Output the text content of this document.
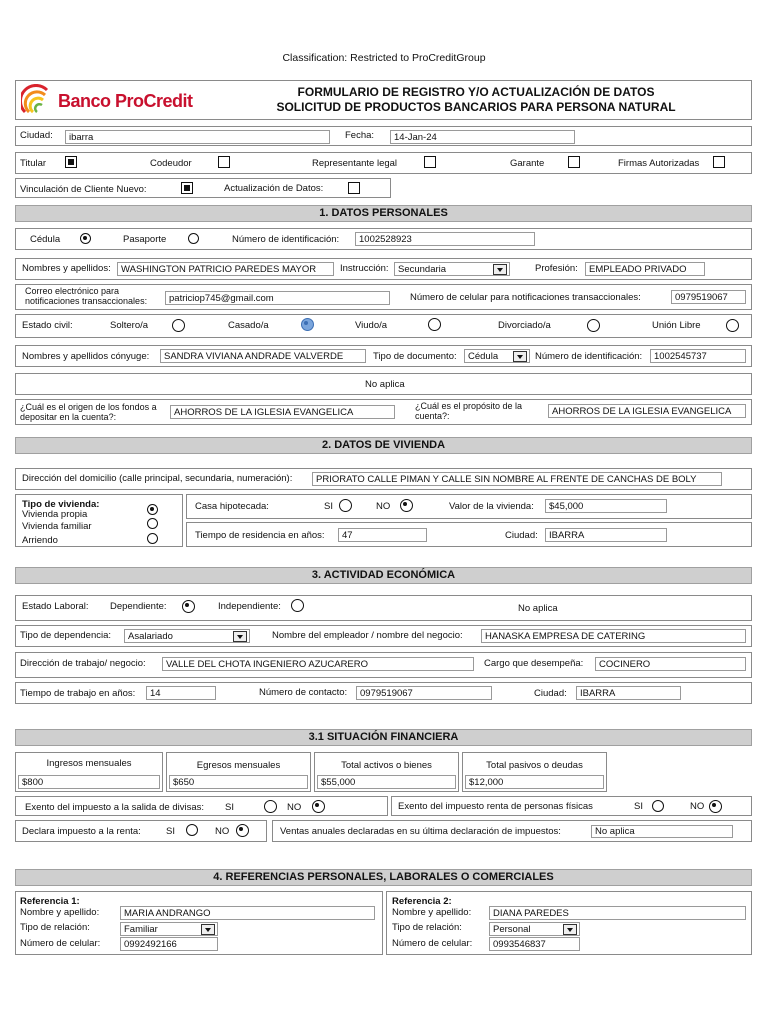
Classification: Restricted to ProCreditGroup
Banco ProCredit	FORMULARIO DE REGISTRO Y/O ACTUALIZACIÓN DE DATOS
SOLICITUD DE PRODUCTOS BANCARIOS PARA PERSONA NATURAL
Ciudad:	ibarra	Fecha:	14-Jan-24
Titular	Codeudor	Representante legal	Garante	Firmas Autorizadas
Vinculación de Cliente Nuevo:	Actualización de Datos:
1. DATOS PERSONALES
Cédula	Pasaporte	Número de identificación:	1002528923
Nombres y apellidos:	WASHINGTON PATRICIO PAREDES MAYOR	Instrucción: Secundaria	Profesión:	EMPLEADO PRIVADO
Correo electrónico para notificaciones transaccionales:	patriciop745@gmail.com	Número de celular para notificaciones transaccionales:	0979519067
Estado civil:	Soltero/a	Casado/a	Viudo/a	Divorciado/a	Unión Libre
Nombres y apellidos cónyuge:	SANDRA VIVIANA ANDRADE VALVERDE	Tipo de documento:	Cédula	Número de identificación:	1002545737
No aplica
¿Cuál es el origen de los fondos a depositar en la cuenta?:	AHORROS DE LA IGLESIA EVANGELICA
¿Cuál es el propósito de la cuenta?:	AHORROS DE LA IGLESIA EVANGELICA
2. DATOS DE VIVIENDA
Dirección del domicilio (calle principal, secundaria, numeración):	PRIORATO CALLE PIMAN Y CALLE SIN NOMBRE AL FRENTE DE CANCHAS DE BOLY
Tipo de vivienda:
Vivienda propia
Vivienda familiar
Arriendo
Casa hipotecada:	SI	NO	Valor de la vivienda:	$45,000
Tiempo de residencia en años:	47	Ciudad:	IBARRA
3. ACTIVIDAD ECONÓMICA
Estado Laboral: Dependiente:	Independiente:	No aplica
Tipo de dependencia:	Asalariado	Nombre del empleador / nombre del negocio:	HANASKA EMPRESA DE CATERING
Dirección de trabajo/ negocio:	VALLE DEL CHOTA INGENIERO AZUCARERO	Cargo que desempeña:	COCINERO
Tiempo de trabajo en años:	14	Número de contacto:	0979519067	Ciudad:	IBARRA
3.1 SITUACIÓN FINANCIERA
Ingresos mensuales
$800
Egresos mensuales
$650
Total activos o bienes
$55,000
Total pasivos o deudas
$12,000
Exento del impuesto a la salida de divisas: SI	NO	Exento del impuesto renta de personas físicas	SI	NO
Declara impuesto a la renta:	SI	NO	Ventas anuales declaradas en su última declaración de impuestos:	No aplica
4. REFERENCIAS PERSONALES, LABORALES O COMERCIALES
Referencia 1:
Nombre y apellido:	MARIA ANDRANGO
Tipo de relación:	Familiar
Número de celular:	0992492166
Referencia 2:
Nombre y apellido:	DIANA PAREDES
Tipo de relación:	Personal
Número de celular:	0993546837
